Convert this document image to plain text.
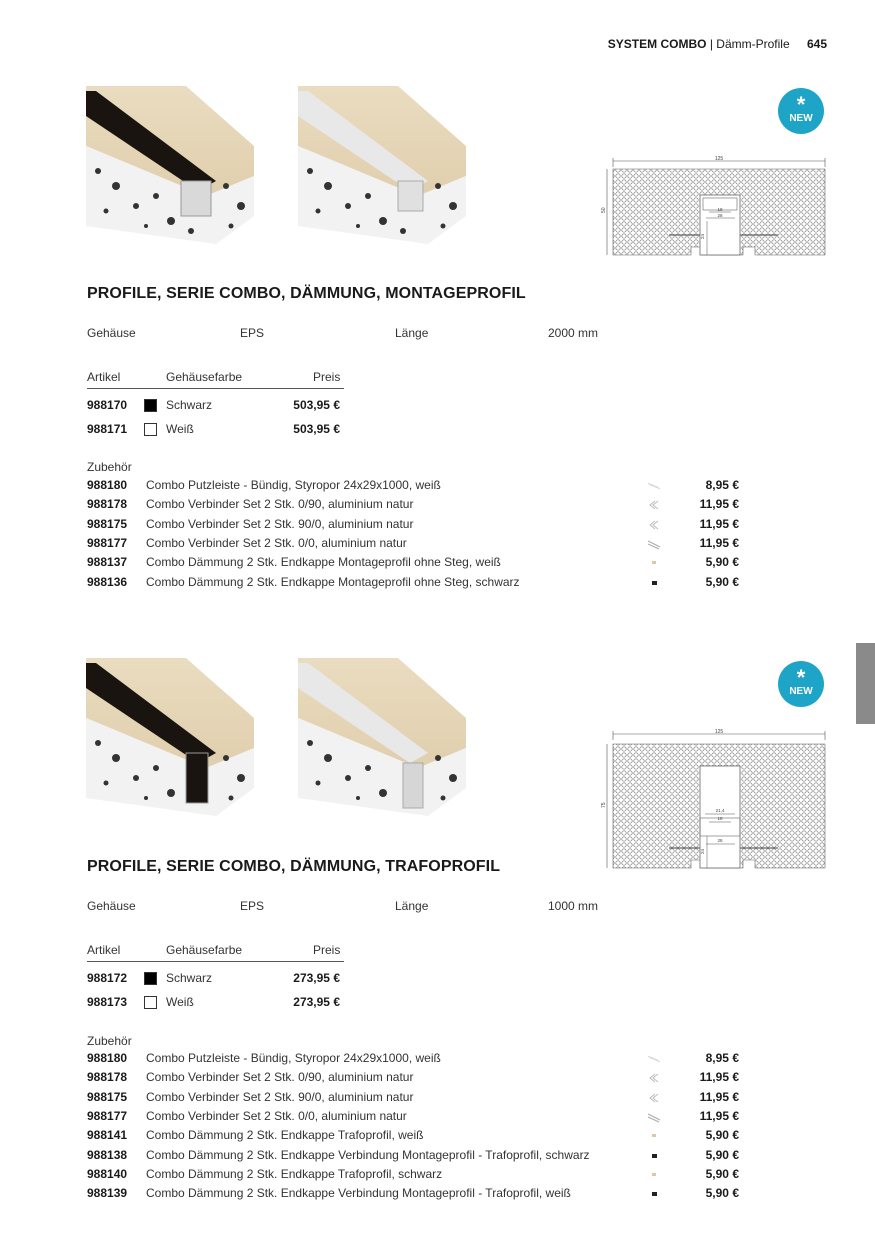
SYSTEM COMBO | Dämm-Profile 645
*
NEW
125
50	18
28
24
PROFILE, SERIE COMBO, DÄMMUNG, MONTAGEPROFIL
Gehäuse	EPS	Länge	2000 mm
Artikel	Gehäusefarbe	Preis
988170	Schwarz	503,95 €
988171	Weiß	503,95 €
Zubehör
988180 Combo Putzleiste - Bündig, Styropor 24x29x1000, weiß	8,95 €
988178 Combo Verbinder Set 2 Stk. 0/90, aluminium natur	11,95 €
988175 Combo Verbinder Set 2 Stk. 90/0, aluminium natur	11,95 €
988177 Combo Verbinder Set 2 Stk. 0/0, aluminium natur	11,95 €
988137 Combo Dämmung 2 Stk. Endkappe Montageprofil ohne Steg, weiß	5,90 €
988136 Combo Dämmung 2 Stk. Endkappe Montageprofil ohne Steg, schwarz	5,90 €
*
NEW
125
75
21,4
18
28
24
PROFILE, SERIE COMBO, DÄMMUNG, TRAFOPROFIL
Gehäuse	EPS	Länge	1000 mm
Artikel	Gehäusefarbe	Preis
988172	Schwarz	273,95 €
988173	Weiß	273,95 €
Zubehör
988180 Combo Putzleiste - Bündig, Styropor 24x29x1000, weiß	8,95 €
988178 Combo Verbinder Set 2 Stk. 0/90, aluminium natur	11,95 €
988175 Combo Verbinder Set 2 Stk. 90/0, aluminium natur	11,95 €
988177 Combo Verbinder Set 2 Stk. 0/0, aluminium natur	11,95 €
988141 Combo Dämmung 2 Stk. Endkappe Trafoprofil, weiß	5,90 €
988138 Combo Dämmung 2 Stk. Endkappe Verbindung Montageprofil - Trafoprofil, schwarz	5,90 €
988140 Combo Dämmung 2 Stk. Endkappe Trafoprofil, schwarz	5,90 €
988139 Combo Dämmung 2 Stk. Endkappe Verbindung Montageprofil - Trafoprofil, weiß	5,90 €
